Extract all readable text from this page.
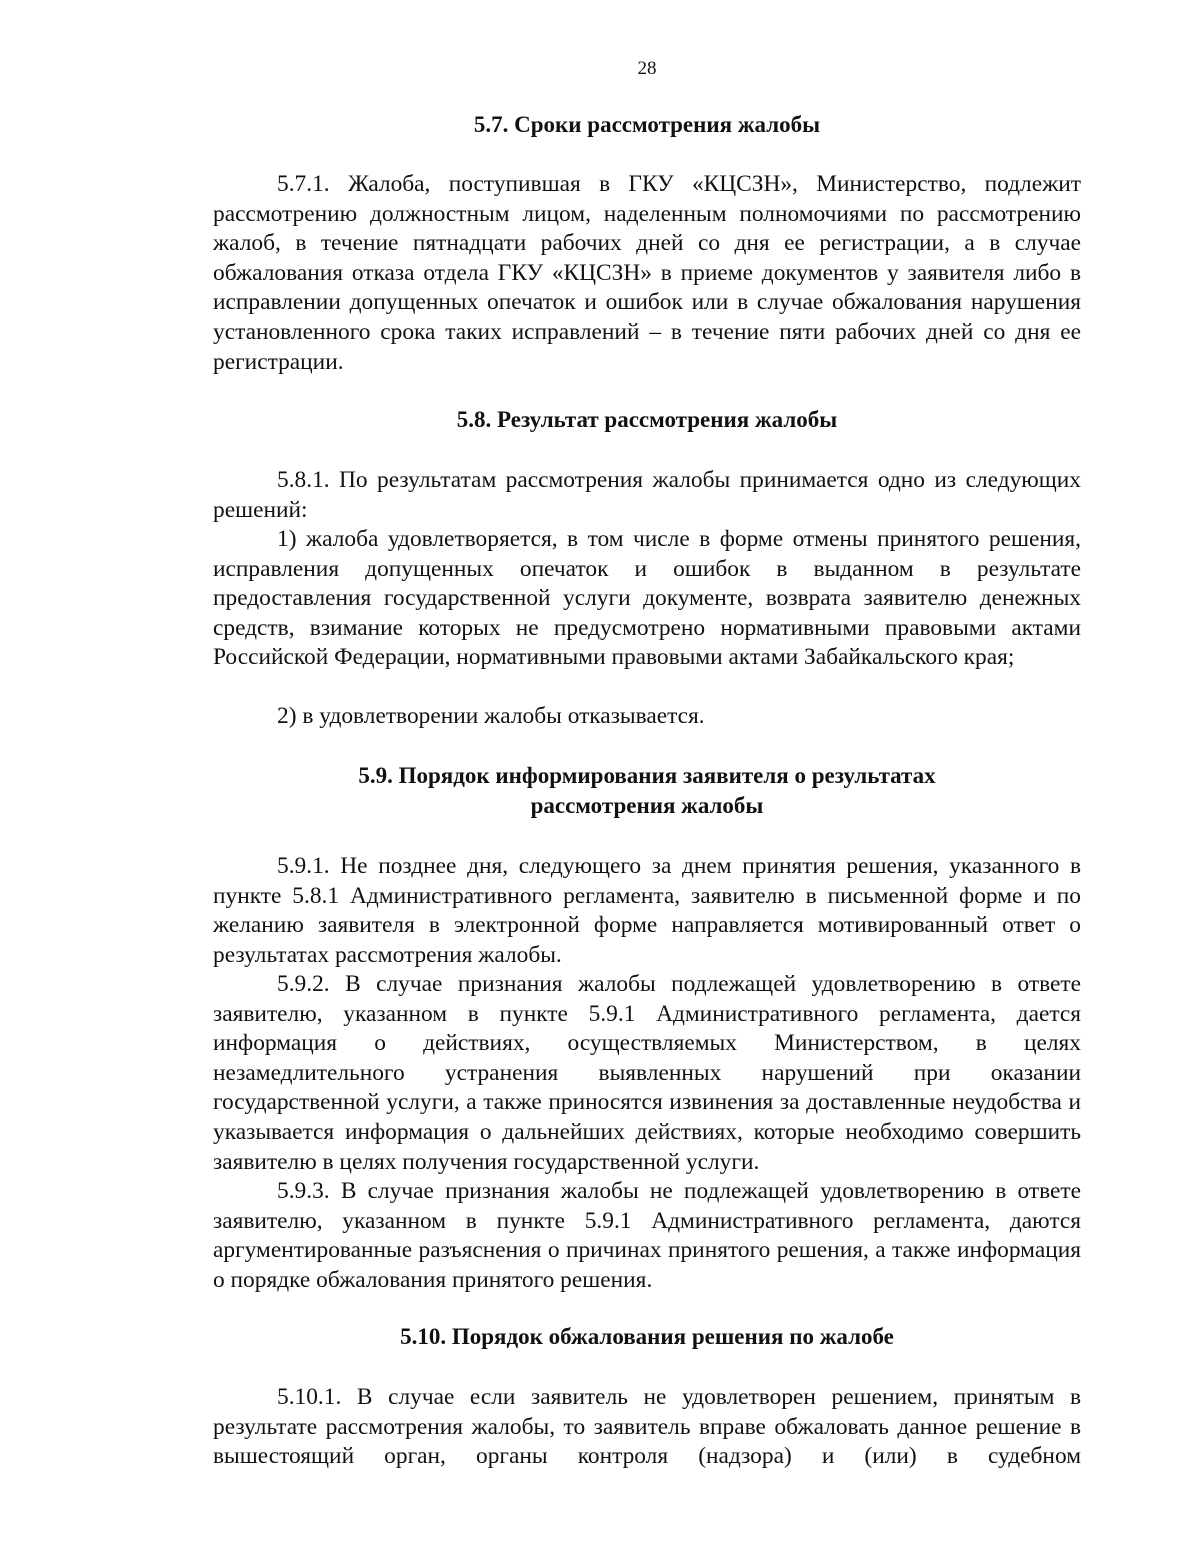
28
5.7. Сроки рассмотрения жалобы

5.7.1. Жалоба, поступившая в ГКУ «КЦСЗН», Министерство, подлежит рассмотрению должностным лицом, наделенным полномочиями по рассмотрению жалоб, в течение пятнадцати рабочих дней со дня ее регистрации, а в случае обжалования отказа отдела ГКУ «КЦСЗН» в приеме документов у заявителя либо в исправлении допущенных опечаток и ошибок или в случае обжалования нарушения установленного срока таких исправлений – в течение пяти рабочих дней со дня ее регистрации.

5.8. Результат рассмотрения жалобы

5.8.1. По результатам рассмотрения жалобы принимается одно из следующих решений:

1) жалоба удовлетворяется, в том числе в форме отмены принятого решения, исправления допущенных опечаток и ошибок в выданном в результате предоставления государственной услуги документе, возврата заявителю денежных средств, взимание которых не предусмотрено нормативными правовыми актами Российской Федерации, нормативными правовыми актами Забайкальского края;

2) в удовлетворении жалобы отказывается.

5.9. Порядок информирования заявителя о результатах
рассмотрения жалобы

5.9.1. Не позднее дня, следующего за днем принятия решения, указанного в пункте 5.8.1 Административного регламента, заявителю в письменной форме и по желанию заявителя в электронной форме направляется мотивированный ответ о результатах рассмотрения жалобы.

5.9.2. В случае признания жалобы подлежащей удовлетворению в ответе заявителю, указанном в пункте 5.9.1 Административного регламента, дается информация о действиях, осуществляемых Министерством, в целях незамедлительного устранения выявленных нарушений при оказании государственной услуги, а также приносятся извинения за доставленные неудобства и указывается информация о дальнейших действиях, которые необходимо совершить заявителю в целях получения государственной услуги.

5.9.3. В случае признания жалобы не подлежащей удовлетворению в ответе заявителю, указанном в пункте 5.9.1 Административного регламента, даются аргументированные разъяснения о причинах принятого решения, а также информация о порядке обжалования принятого решения.

5.10. Порядок обжалования решения по жалобе

5.10.1. В случае если заявитель не удовлетворен решением, принятым в результате рассмотрения жалобы, то заявитель вправе обжаловать данное решение в вышестоящий орган, органы контроля (надзора) и (или) в судебном
